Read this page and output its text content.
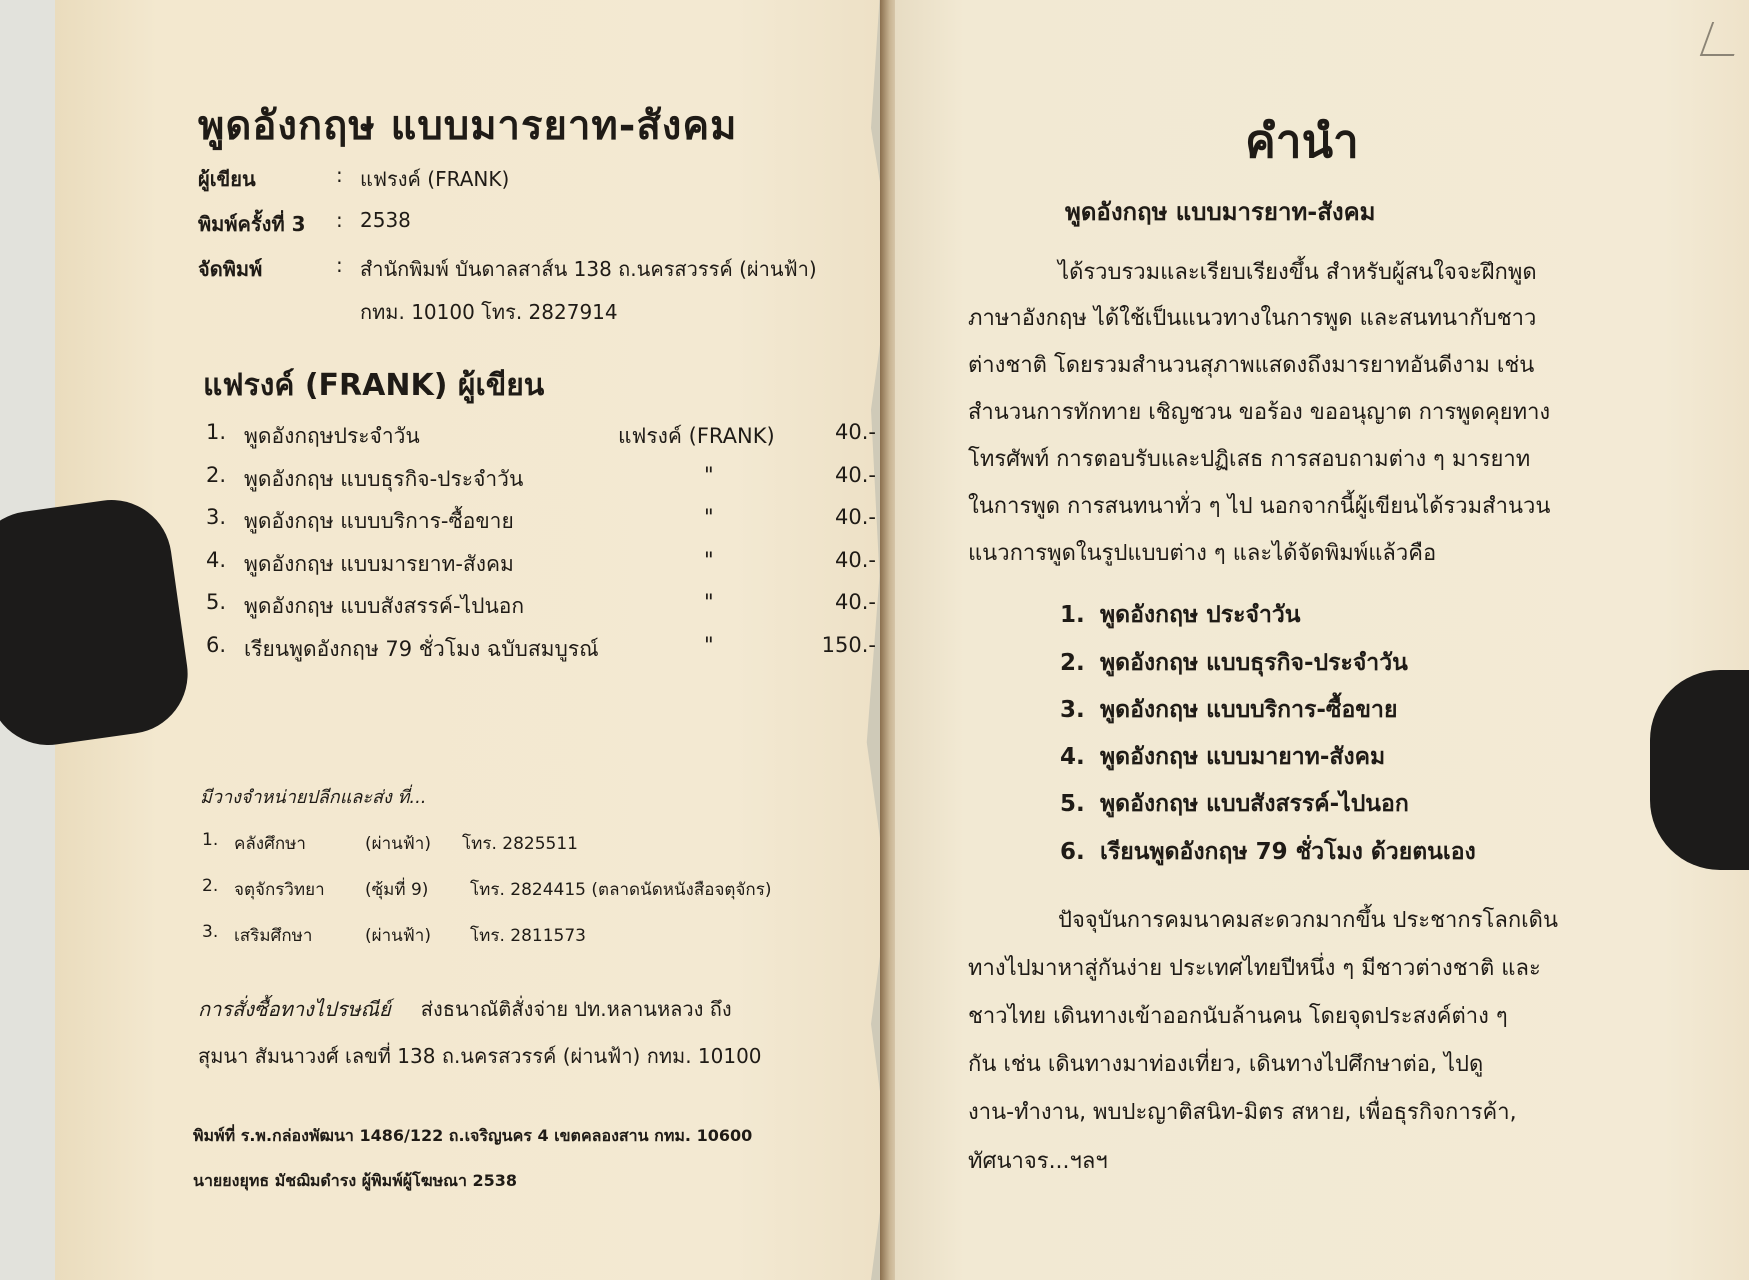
พูดอังกฤษ แบบมารยาท-สังคม
ผู้เขียน	: แฟรงค์ (FRANK)
พิมพ์ครั้งที่ 3 : 2538
จัดพิมพ์	: สำนักพิมพ์ บันดาลสาส์น 138 ถ.นครสวรรค์ (ผ่านฟ้า)
กทม. 10100 โทร. 2827914
แฟรงค์ (FRANK) ผู้เขียน
1. พูดอังกฤษประจำวัน	แฟรงค์ (FRANK)	40.-
2. พูดอังกฤษ แบบธุรกิจ-ประจำวัน	"	40.-
3. พูดอังกฤษ แบบบริการ-ซื้อขาย	"	40.-
4. พูดอังกฤษ แบบมารยาท-สังคม	"	40.-
5. พูดอังกฤษ แบบสังสรรค์-ไปนอก	"	40.-
6. เรียนพูดอังกฤษ 79 ชั่วโมง ฉบับสมบูรณ์	"	150.-
มีวางจำหน่ายปลีกและส่ง ที่...
1. คลังศึกษา	(ผ่านฟ้า) โทร. 2825511
2. จตุจักรวิทยา (ซุ้มที่ 9) โทร. 2824415 (ตลาดนัดหนังสือจตุจักร)
3. เสริมศึกษา	(ผ่านฟ้า) โทร. 2811573
การสั่งซื้อทางไปรษณีย์ ส่งธนาณัติสั่งจ่าย ปท.หลานหลวง ถึง
สุมนา สัมนาวงศ์ เลขที่ 138 ถ.นครสวรรค์ (ผ่านฟ้า) กทม. 10100
พิมพ์ที่ ร.พ.กล่องพัฒนา 1486/122 ถ.เจริญนคร 4 เขตคลองสาน กทม. 10600
นายยงยุทธ มัชฌิมดำรง ผู้พิมพ์ผู้โฆษณา 2538
คำนำ
พูดอังกฤษ แบบมารยาท-สังคม
ได้รวบรวมและเรียบเรียงขึ้น สำหรับผู้สนใจจะฝึกพูด
ภาษาอังกฤษ ได้ใช้เป็นแนวทางในการพูด และสนทนากับชาว
ต่างชาติ โดยรวมสำนวนสุภาพแสดงถึงมารยาทอันดีงาม เช่น
สำนวนการทักทาย เชิญชวน ขอร้อง ขออนุญาต การพูดคุยทาง
โทรศัพท์ การตอบรับและปฏิเสธ การสอบถามต่าง ๆ มารยาท
ในการพูด การสนทนาทั่ว ๆ ไป นอกจากนี้ผู้เขียนได้รวมสำนวน
แนวการพูดในรูปแบบต่าง ๆ และได้จัดพิมพ์แล้วคือ
1. พูดอังกฤษ ประจำวัน
2. พูดอังกฤษ แบบธุรกิจ-ประจำวัน
3. พูดอังกฤษ แบบบริการ-ซื้อขาย
4. พูดอังกฤษ แบบมายาท-สังคม
5. พูดอังกฤษ แบบสังสรรค์-ไปนอก
6. เรียนพูดอังกฤษ 79 ชั่วโมง ด้วยตนเอง
ปัจจุบันการคมนาคมสะดวกมากขึ้น ประชากรโลกเดิน
ทางไปมาหาสู่กันง่าย ประเทศไทยปีหนึ่ง ๆ มีชาวต่างชาติ และ
ชาวไทย เดินทางเข้าออกนับล้านคน โดยจุดประสงค์ต่าง ๆ
กัน เช่น เดินทางมาท่องเที่ยว, เดินทางไปศึกษาต่อ, ไปดู
งาน-ทำงาน, พบปะญาติสนิท-มิตร สหาย, เพื่อธุรกิจการค้า,
ทัศนาจร...ฯลฯ
